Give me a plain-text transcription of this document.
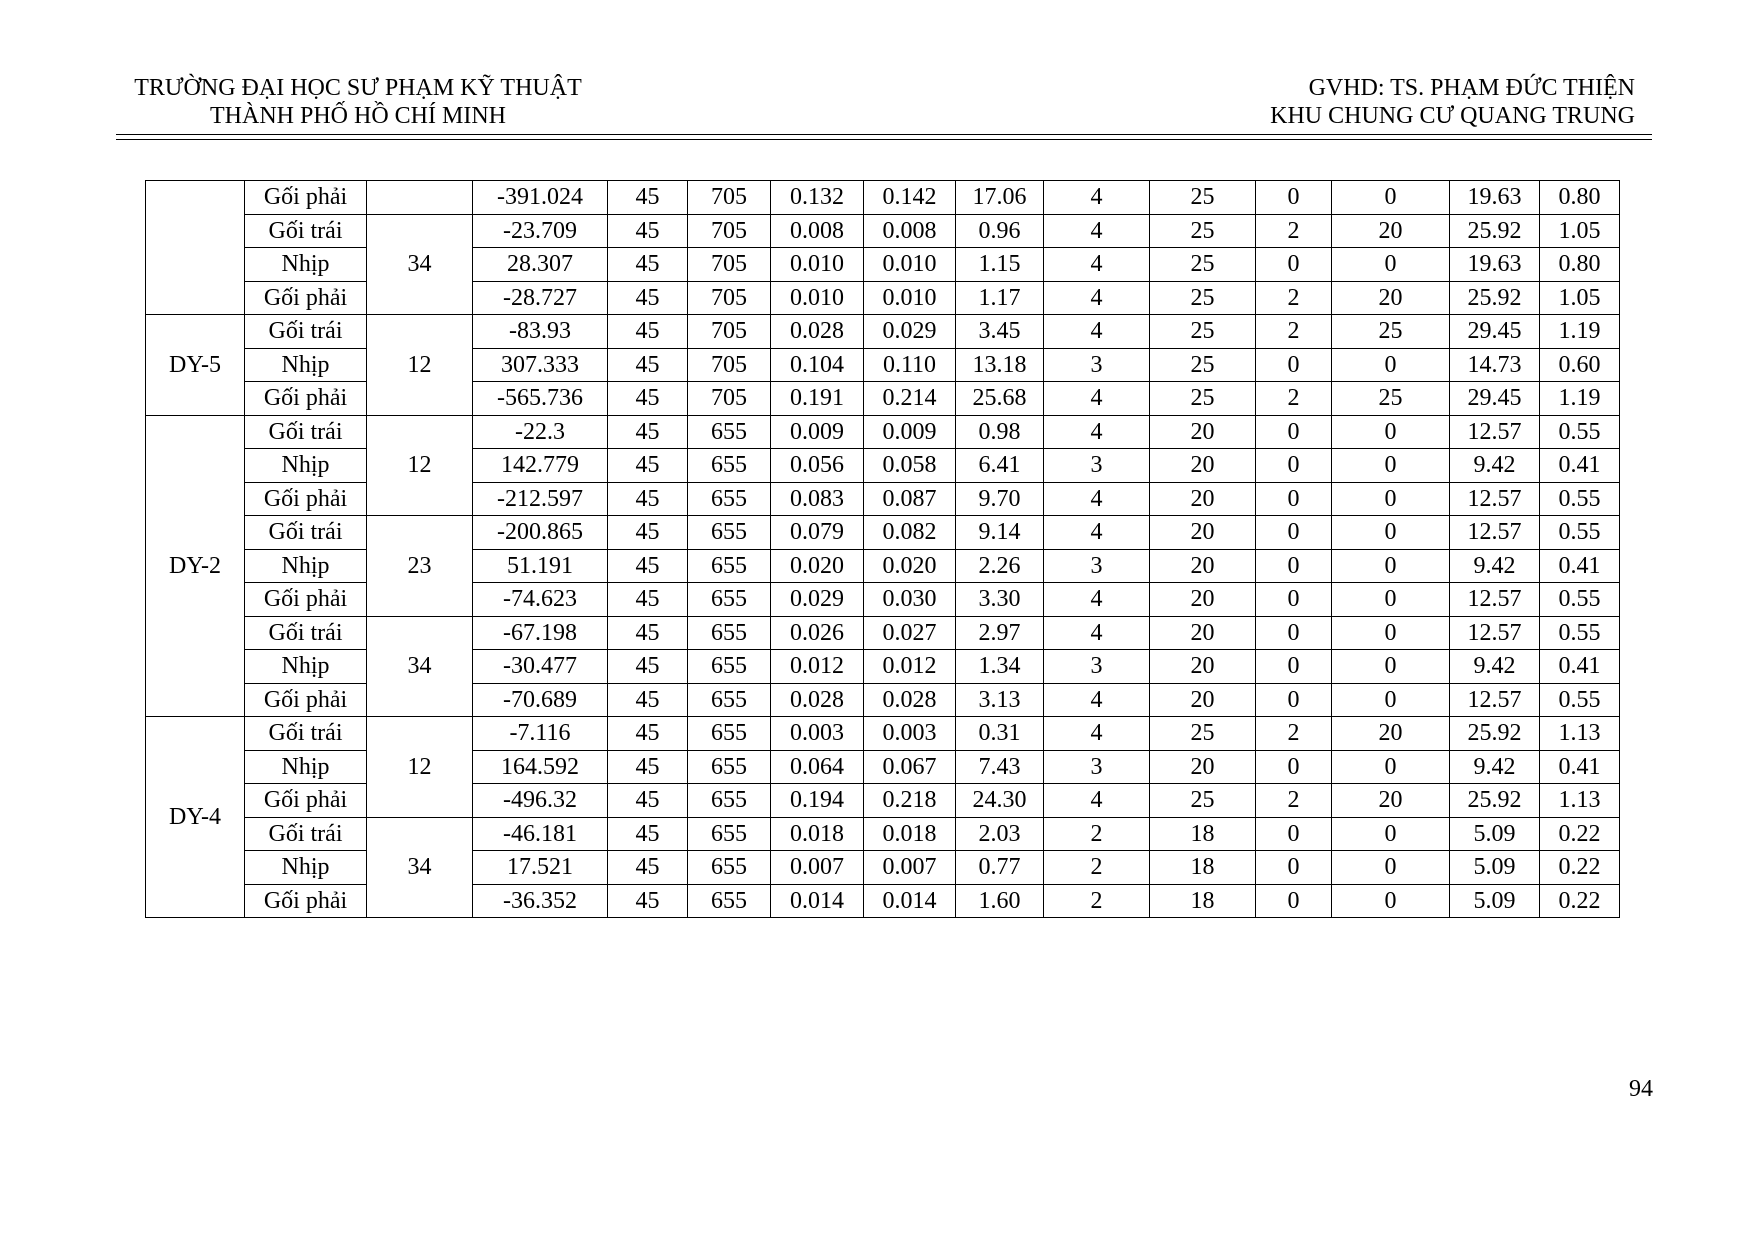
TRƯỜNG ĐẠI HỌC SƯ PHẠM KỸ THUẬT
THÀNH PHỐ HỒ CHÍ MINH
GVHD: TS. PHẠM ĐỨC THIỆN
KHU CHUNG CƯ QUANG TRUNG
	Gối phải		-391.024	45	705	0.132	0.142	17.06	4	25	0	0	19.63	0.80
	Gối trái	34	-23.709	45	705	0.008	0.008	0.96	4	25	2	20	25.92	1.05
	Nhịp		28.307	45	705	0.010	0.010	1.15	4	25	0	0	19.63	0.80
	Gối phải		-28.727	45	705	0.010	0.010	1.17	4	25	2	20	25.92	1.05
DY-5	Gối trái	12	-83.93	45	705	0.028	0.029	3.45	4	25	2	25	29.45	1.19
	Nhịp		307.333	45	705	0.104	0.110	13.18	3	25	0	0	14.73	0.60
	Gối phải		-565.736	45	705	0.191	0.214	25.68	4	25	2	25	29.45	1.19
DY-2	Gối trái	12	-22.3	45	655	0.009	0.009	0.98	4	20	0	0	12.57	0.55
	Nhịp		142.779	45	655	0.056	0.058	6.41	3	20	0	0	9.42	0.41
	Gối phải		-212.597	45	655	0.083	0.087	9.70	4	20	0	0	12.57	0.55
	Gối trái	23	-200.865	45	655	0.079	0.082	9.14	4	20	0	0	12.57	0.55
	Nhịp		51.191	45	655	0.020	0.020	2.26	3	20	0	0	9.42	0.41
	Gối phải		-74.623	45	655	0.029	0.030	3.30	4	20	0	0	12.57	0.55
	Gối trái	34	-67.198	45	655	0.026	0.027	2.97	4	20	0	0	12.57	0.55
	Nhịp		-30.477	45	655	0.012	0.012	1.34	3	20	0	0	9.42	0.41
	Gối phải		-70.689	45	655	0.028	0.028	3.13	4	20	0	0	12.57	0.55
DY-4	Gối trái	12	-7.116	45	655	0.003	0.003	0.31	4	25	2	20	25.92	1.13
	Nhịp		164.592	45	655	0.064	0.067	7.43	3	20	0	0	9.42	0.41
	Gối phải		-496.32	45	655	0.194	0.218	24.30	4	25	2	20	25.92	1.13
	Gối trái	34	-46.181	45	655	0.018	0.018	2.03	2	18	0	0	5.09	0.22
	Nhịp		17.521	45	655	0.007	0.007	0.77	2	18	0	0	5.09	0.22
	Gối phải		-36.352	45	655	0.014	0.014	1.60	2	18	0	0	5.09	0.22
94
